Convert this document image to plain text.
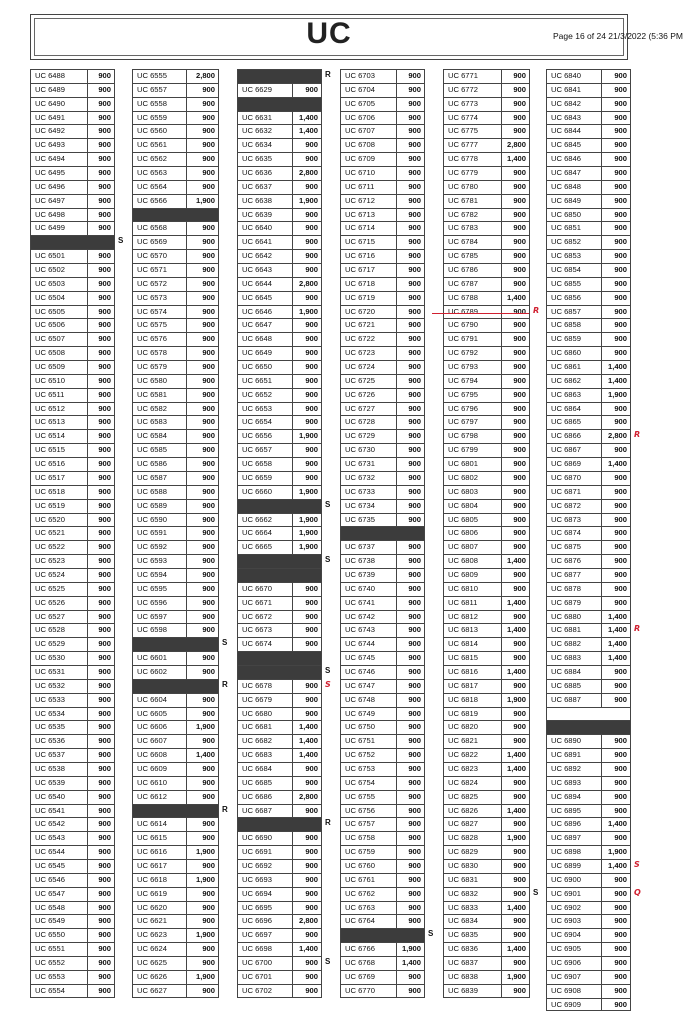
UC	Page 16 of 24 21/3/2022 (5:36 PM
UC 6488	900
UC 6489	900
UC 6490	900
UC 6491	900
UC 6492	900
UC 6493	900
UC 6494	900
UC 6495	900
UC 6496	900
UC 6497	900
UC 6498	900
UC 6499	900
S
UC 6501	900
UC 6502	900
UC 6503	900
UC 6504	900
UC 6505	900
UC 6506	900
UC 6507	900
UC 6508	900
UC 6509	900
UC 6510	900
UC 6511	900
UC 6512	900
UC 6513	900
UC 6514	900
UC 6515	900
UC 6516	900
UC 6517	900
UC 6518	900
UC 6519	900
UC 6520	900
UC 6521	900
UC 6522	900
UC 6523	900
UC 6524	900
UC 6525	900
UC 6526	900
UC 6527	900
UC 6528	900
UC 6529	900
UC 6530	900
UC 6531	900
UC 6532	900
UC 6533	900
UC 6534	900
UC 6535	900
UC 6536	900
UC 6537	900
UC 6538	900
UC 6539	900
UC 6540	900
UC 6541	900
UC 6542	900
UC 6543	900
UC 6544	900
UC 6545	900
UC 6546	900
UC 6547	900
UC 6548	900
UC 6549	900
UC 6550	900
UC 6551	900
UC 6552	900
UC 6553	900
UC 6554	900
UC 6555	2,800
UC 6557	900
UC 6558	900
UC 6559	900
UC 6560	900
UC 6561	900
UC 6562	900
UC 6563	900
UC 6564	900
UC 6566	1,900
UC 6568	900
UC 6569	900
UC 6570	900
UC 6571	900
UC 6572	900
UC 6573	900
UC 6574	900
UC 6575	900
UC 6576	900
UC 6578	900
UC 6579	900
UC 6580	900
UC 6581	900
UC 6582	900
UC 6583	900
UC 6584	900
UC 6585	900
UC 6586	900
UC 6587	900
UC 6588	900
UC 6589	900
UC 6590	900
UC 6591	900
UC 6592	900
UC 6593	900
UC 6594	900
UC 6595	900
UC 6596	900
UC 6597	900
UC 6598	900
S
UC 6601	900
UC 6602	900
R
UC 6604	900
UC 6605	900
UC 6606	1,900
UC 6607	900
UC 6608	1,400
UC 6609	900
UC 6610	900
UC 6612	900
R
UC 6614	900
UC 6615	900
UC 6616	1,900
UC 6617	900
UC 6618	1,900
UC 6619	900
UC 6620	900
UC 6621	900
UC 6623	1,900
UC 6624	900
UC 6625	900
UC 6626	1,900
UC 6627	900
R
UC 6629	900
UC 6631	1,400
UC 6632	1,400
UC 6634	900
UC 6635	900
UC 6636	2,800
UC 6637	900
UC 6638	1,900
UC 6639	900
UC 6640	900
UC 6641	900
UC 6642	900
UC 6643	900
UC 6644	2,800
UC 6645	900
UC 6646	1,900
UC 6647	900
UC 6648	900
UC 6649	900
UC 6650	900
UC 6651	900
UC 6652	900
UC 6653	900
UC 6654	900
UC 6656	1,900
UC 6657	900
UC 6658	900
UC 6659	900
UC 6660	1,900
S
UC 6662	1,900
UC 6664	1,900
UC 6665	1,900
S
UC 6670	900
UC 6671	900
UC 6672	900
UC 6673	900
UC 6674	900
S
UC 6678	900 S
UC 6679	900
UC 6680	900
UC 6681	1,400
UC 6682	1,400
UC 6683	1,400
UC 6684	900
UC 6685	900
UC 6686	2,800
UC 6687	900
R
UC 6690	900
UC 6691	900
UC 6692	900
UC 6693	900
UC 6694	900
UC 6695	900
UC 6696	2,800
UC 6697	900
UC 6698	1,400
UC 6700	900 S
UC 6701	900
UC 6702	900
UC 6703	900
UC 6704	900
UC 6705	900
UC 6706	900
UC 6707	900
UC 6708	900
UC 6709	900
UC 6710	900
UC 6711	900
UC 6712	900
UC 6713	900
UC 6714	900
UC 6715	900
UC 6716	900
UC 6717	900
UC 6718	900
UC 6719	900
UC 6720	900
UC 6721	900
UC 6722	900
UC 6723	900
UC 6724	900
UC 6725	900
UC 6726	900
UC 6727	900
UC 6728	900
UC 6729	900
UC 6730	900
UC 6731	900
UC 6732	900
UC 6733	900
UC 6734	900
UC 6735	900
UC 6737	900
UC 6738	900
UC 6739	900
UC 6740	900
UC 6741	900
UC 6742	900
UC 6743	900
UC 6744	900
UC 6745	900
UC 6746	900
UC 6747	900
UC 6748	900
UC 6749	900
UC 6750	900
UC 6751	900
UC 6752	900
UC 6753	900
UC 6754	900
UC 6755	900
UC 6756	900
UC 6757	900
UC 6758	900
UC 6759	900
UC 6760	900
UC 6761	900
UC 6762	900
UC 6763	900
UC 6764	900
S
UC 6766	1,900
UC 6768	1,400
UC 6769	900
UC 6770	900
UC 6771	900
UC 6772	900
UC 6773	900
UC 6774	900
UC 6775	900
UC 6777	2,800
UC 6778	1,400
UC 6779	900
UC 6780	900
UC 6781	900
UC 6782	900
UC 6783	900
UC 6784	900
UC 6785	900
UC 6786	900
UC 6787	900
UC 6788	1,400
UC 6789	900 R
UC 6790	900
UC 6791	900
UC 6792	900
UC 6793	900
UC 6794	900
UC 6795	900
UC 6796	900
UC 6797	900
UC 6798	900
UC 6799	900
UC 6801	900
UC 6802	900
UC 6803	900
UC 6804	900
UC 6805	900
UC 6806	900
UC 6807	900
UC 6808	1,400
UC 6809	900
UC 6810	900
UC 6811	1,400
UC 6812	900
UC 6813	1,400
UC 6814	900
UC 6815	900
UC 6816	1,400
UC 6817	900
UC 6818	1,900
UC 6819	900
UC 6820	900
UC 6821	900
UC 6822	1,400
UC 6823	1,400
UC 6824	900
UC 6825	900
UC 6826	1,400
UC 6827	900
UC 6828	1,900
UC 6829	900
UC 6830	900
UC 6831	900
UC 6832	900 S
UC 6833	1,400
UC 6834	900
UC 6835	900
UC 6836	1,400
UC 6837	900
UC 6838	1,900
UC 6839	900
UC 6840	900
UC 6841	900
UC 6842	900
UC 6843	900
UC 6844	900
UC 6845	900
UC 6846	900
UC 6847	900
UC 6848	900
UC 6849	900
UC 6850	900
UC 6851	900
UC 6852	900
UC 6853	900
UC 6854	900
UC 6855	900
UC 6856	900
UC 6857	900
UC 6858	900
UC 6859	900
UC 6860	900
UC 6861	1,400
UC 6862	1,400
UC 6863	1,900
UC 6864	900
UC 6865	900
UC 6866	2,800 R
UC 6867	900
UC 6869	1,400
UC 6870	900
UC 6871	900
UC 6872	900
UC 6873	900
UC 6874	900
UC 6875	900
UC 6876	900
UC 6877	900
UC 6878	900
UC 6879	900
UC 6880	1,400
UC 6881	1,400 R
UC 6882	1,400
UC 6883	1,400
UC 6884	900
UC 6885	900
UC 6887	900
UC 6890	900
UC 6891	900
UC 6892	900
UC 6893	900
UC 6894	900
UC 6895	900
UC 6896	1,400
UC 6897	900
UC 6898	1,900
UC 6899	1,400 S
UC 6900	900
UC 6901	900 Q
UC 6902	900
UC 6903	900
UC 6904	900
UC 6905	900
UC 6906	900
UC 6907	900
UC 6908	900
UC 6909	900
